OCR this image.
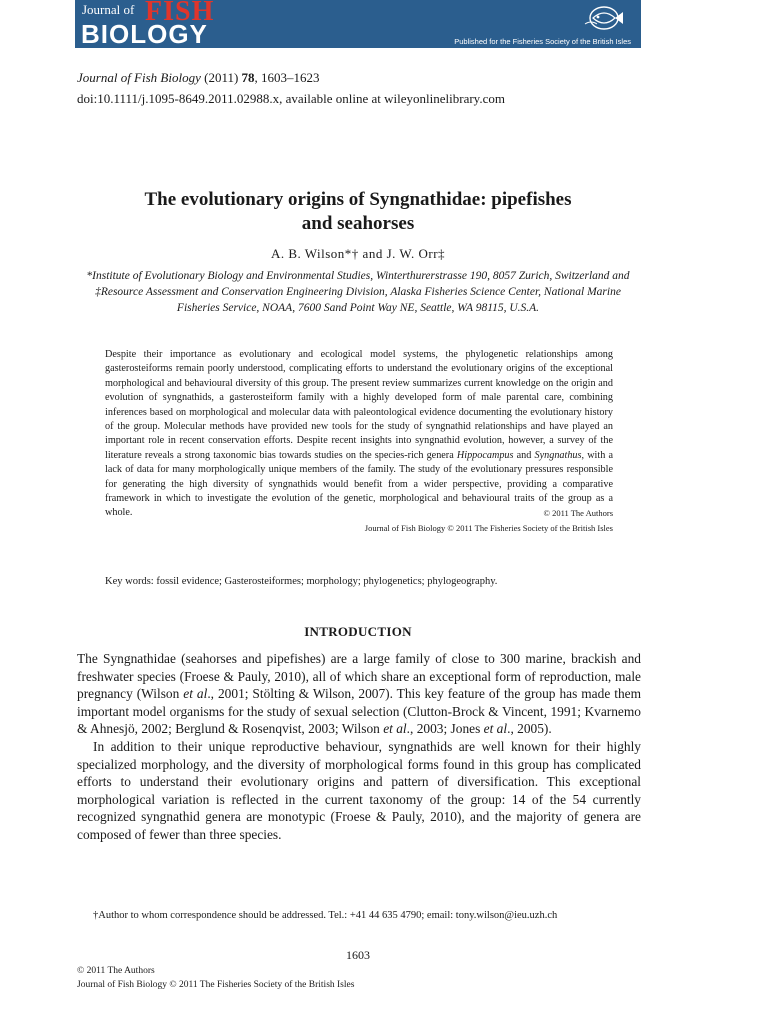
Journal of FISH
BIOLOGY	Published for the Fisheries Society of the British Isles
Journal of Fish Biology (2011) 78, 1603–1623
doi:10.1111/j.1095-8649.2011.02988.x, available online at wileyonlinelibrary.com
The evolutionary origins of Syngnathidae: pipefishes
and seahorses
A. B. Wilson*† and J. W. Orr‡
*Institute of Evolutionary Biology and Environmental Studies, Winterthurerstrasse 190, 8057 Zurich, Switzerland and ‡Resource Assessment and Conservation Engineering Division, Alaska Fisheries Science Center, National Marine Fisheries Service, NOAA, 7600 Sand Point Way NE, Seattle, WA 98115, U.S.A.
Despite their importance as evolutionary and ecological model systems, the phylogenetic relationships among gasterosteiforms remain poorly understood, complicating efforts to understand the evolutionary origins of the exceptional morphological and behavioural diversity of this group. The present review summarizes current knowledge on the origin and evolution of syngnathids, a gasterosteiform family with a highly developed form of male parental care, combining inferences based on morphological and molecular data with paleontological evidence documenting the evolutionary history of the group. Molecular methods have provided new tools for the study of syngnathid relationships and have played an important role in recent conservation efforts. Despite recent insights into syngnathid evolution, however, a survey of the literature reveals a strong taxonomic bias towards studies on the species-rich genera Hippocampus and Syngnathus, with a lack of data for many morphologically unique members of the family. The study of the evolutionary pressures responsible for generating the high diversity of syngnathids would benefit from a wider perspective, providing a comparative framework in which to investigate the evolution of the genetic, morphological and behavioural traits of the group as a whole.	© 2011 The Authors
Journal of Fish Biology © 2011 The Fisheries Society of the British Isles
Key words: fossil evidence; Gasterosteiformes; morphology; phylogenetics; phylogeography.
INTRODUCTION

The Syngnathidae (seahorses and pipefishes) are a large family of close to 300 marine, brackish and freshwater species (Froese & Pauly, 2010), all of which share an exceptional form of reproduction, male pregnancy (Wilson et al., 2001; Stölting & Wilson, 2007). This key feature of the group has made them important model organisms for the study of sexual selection (Clutton-Brock & Vincent, 1991; Kvarnemo & Ahnesjö, 2002; Berglund & Rosenqvist, 2003; Wilson et al., 2003; Jones et al., 2005).

In addition to their unique reproductive behaviour, syngnathids are well known for their highly specialized morphology, and the diversity of morphological forms found in this group has complicated efforts to understand their evolutionary origins and pattern of diversification. This exceptional morphological variation is reflected in the current taxonomy of the group: 14 of the 54 currently recognized syngnathid genera are monotypic (Froese & Pauly, 2010), and the majority of genera are composed of fewer than three species.

†Author to whom correspondence should be addressed. Tel.: +41 44 635 4790; email: tony.wilson@ieu.uzh.ch
1603
© 2011 The Authors
Journal of Fish Biology © 2011 The Fisheries Society of the British Isles
